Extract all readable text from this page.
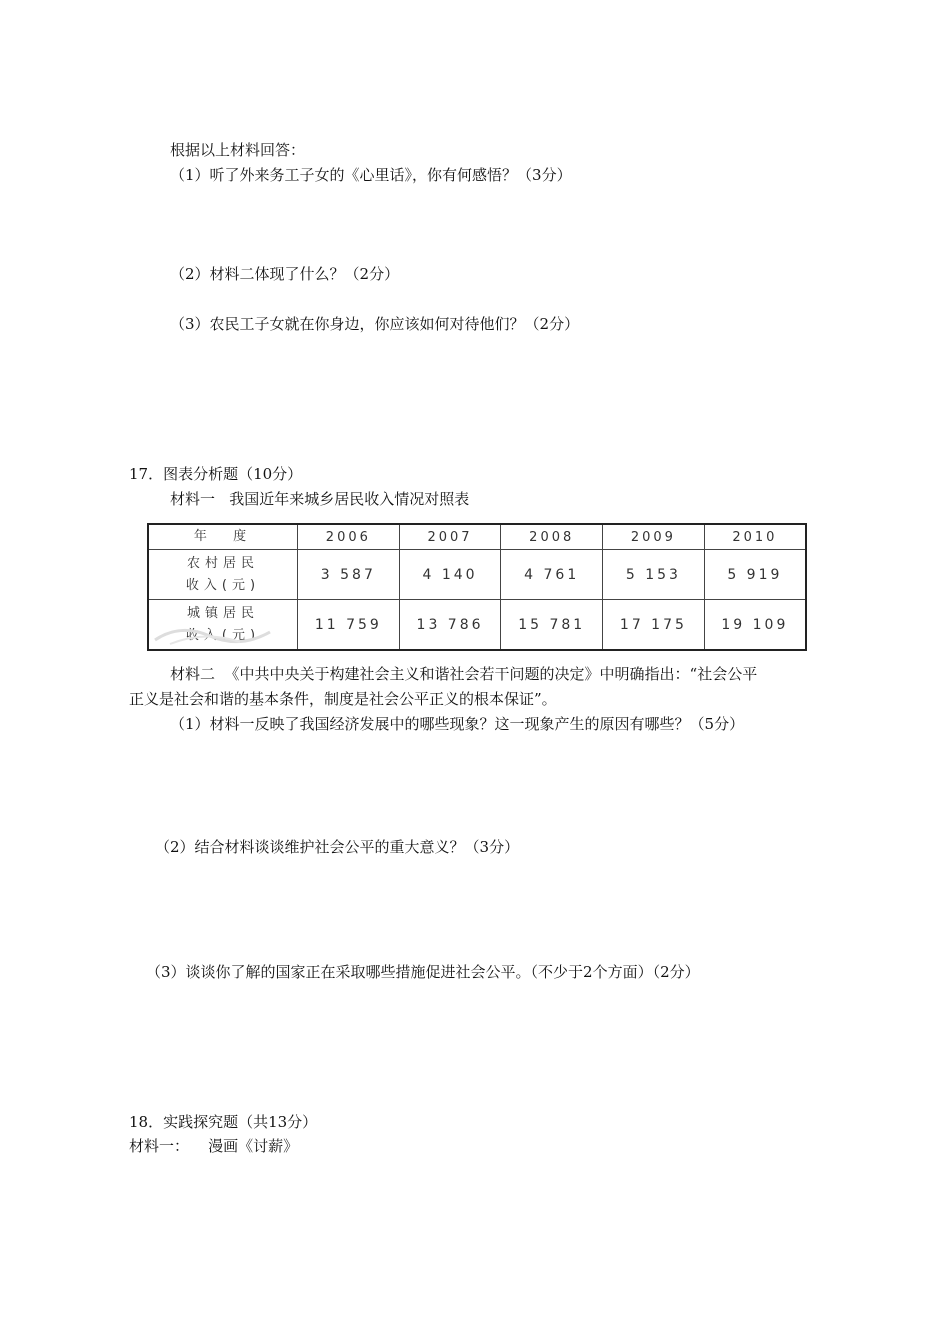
根据以上材料回答：
（1）听了外来务工子女的《心里话》，你有何感悟？（3分）
（2）材料二体现了什么？（2分）
（3）农民工子女就在你身边，你应该如何对待他们？（2分）
17．图表分析题（10分）
材料一   我国近年来城乡居民收入情况对照表
年  度	2006	2007	2008	2009	2010

农村居民
收入(元)	3 587	4 140	4 761	5 153	5 919

城镇居民
收入(元)	11 759	13 786	15 781	17 175	19 109
材料二  《中共中央关于构建社会主义和谐社会若干问题的决定》中明确指出：“社会公平
正义是社会和谐的基本条件，制度是社会公平正义的根本保证”。
（1）材料一反映了我国经济发展中的哪些现象？这一现象产生的原因有哪些？（5分）
（2）结合材料谈谈维护社会公平的重大意义？（3分）
（3）谈谈你了解的国家正在采取哪些措施促进社会公平。（不少于2个方面）（2分）
18．实践探究题（共13分）
材料一：    漫画《讨薪》
